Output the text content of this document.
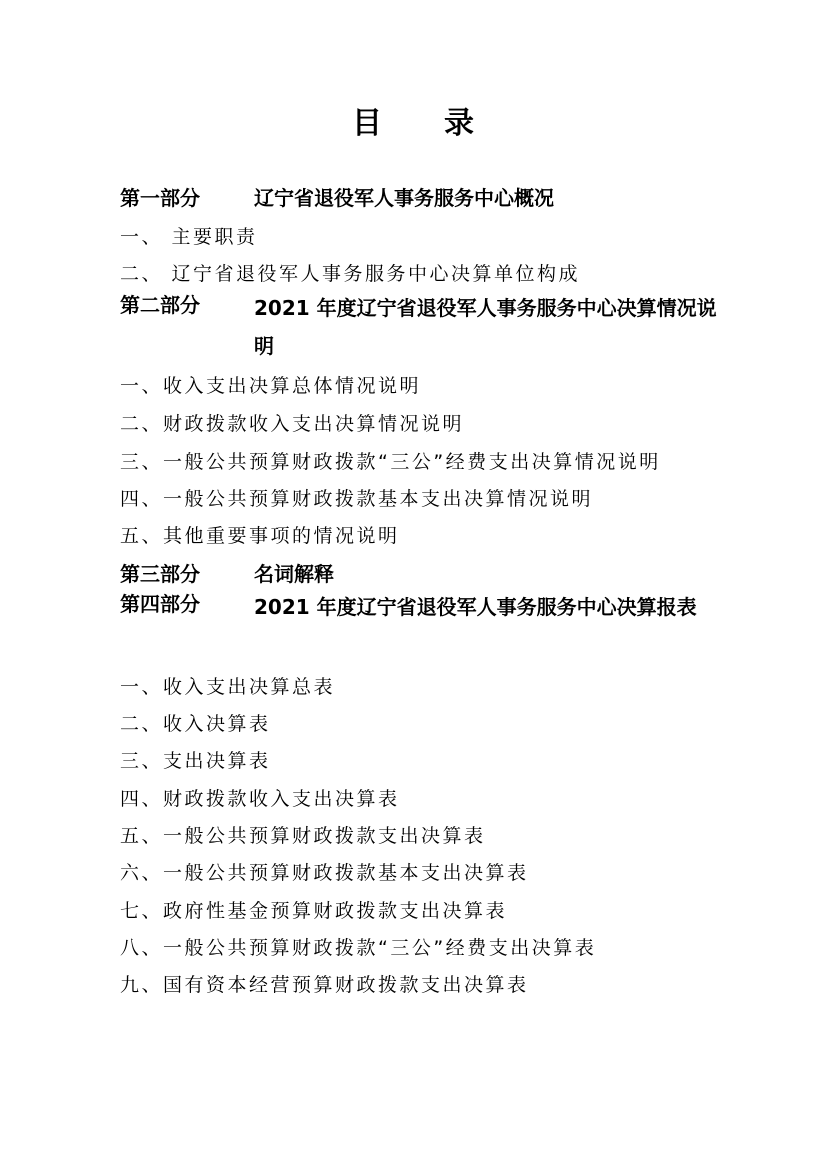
目 录
第一部分	辽宁省退役军人事务服务中心概况
一、 主要职责
二、 辽宁省退役军人事务服务中心决算单位构成
第二部分	2021 年度辽宁省退役军人事务服务中心决算情况说明
一、收入支出决算总体情况说明
二、财政拨款收入支出决算情况说明
三、一般公共预算财政拨款“三公”经费支出决算情况说明
四、一般公共预算财政拨款基本支出决算情况说明
五、其他重要事项的情况说明
第三部分	名词解释
第四部分	2021 年度辽宁省退役军人事务服务中心决算报表
一、收入支出决算总表
二、收入决算表
三、支出决算表
四、财政拨款收入支出决算表
五、一般公共预算财政拨款支出决算表
六、一般公共预算财政拨款基本支出决算表
七、政府性基金预算财政拨款支出决算表
八、一般公共预算财政拨款“三公”经费支出决算表
九、国有资本经营预算财政拨款支出决算表
